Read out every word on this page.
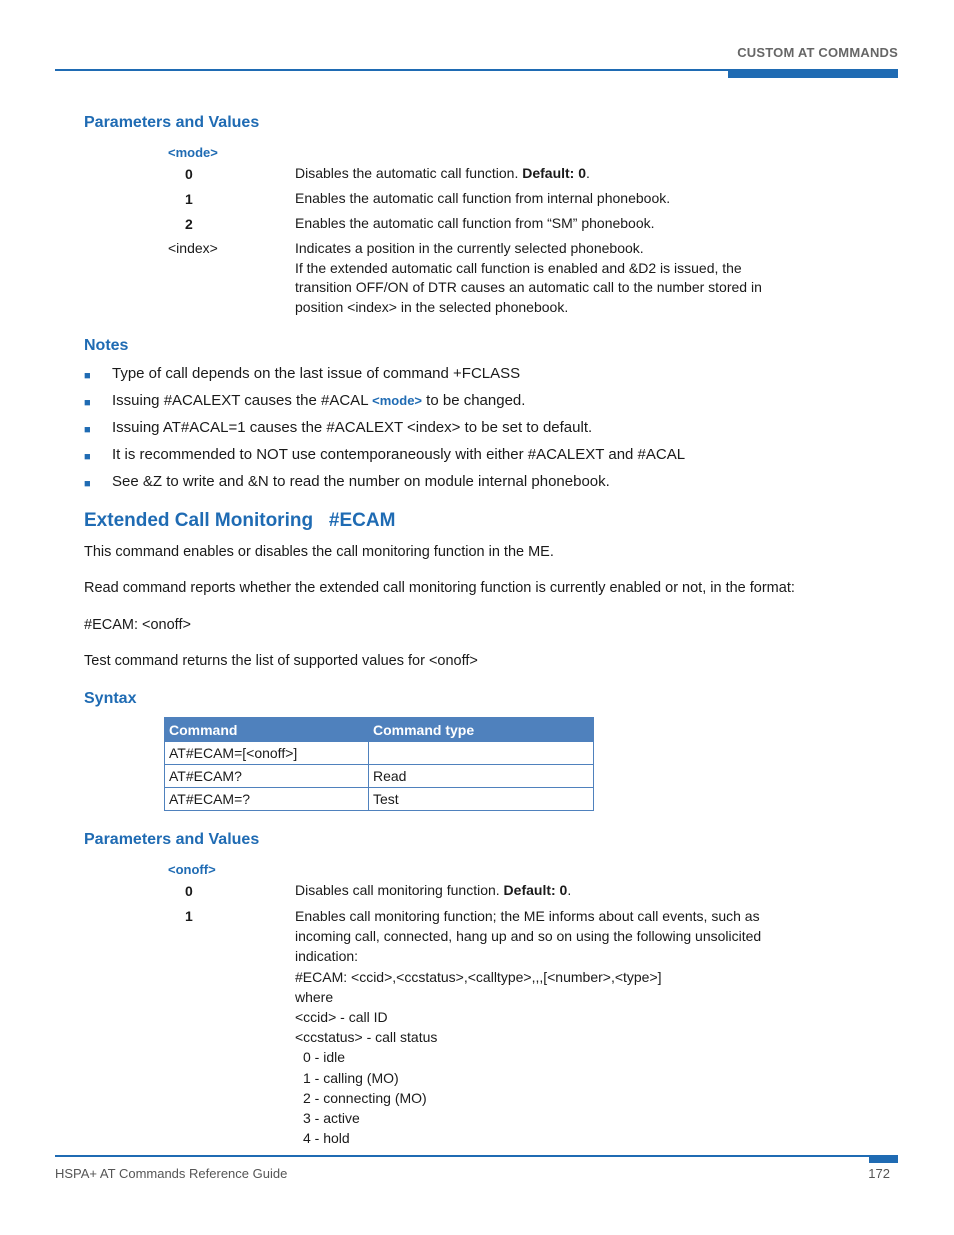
CUSTOM AT COMMANDS
Parameters and Values
<mode>
0	Disables the automatic call function. Default: 0.
1	Enables the automatic call function from internal phonebook.
2	Enables the automatic call function from “SM” phonebook.
<index>	Indicates a position in the currently selected phonebook.
If the extended automatic call function is enabled and &D2 is issued, the
transition OFF/ON of DTR causes an automatic call to the number stored in
position <index> in the selected phonebook.
Notes
■ Type of call depends on the last issue of command +FCLASS
■ Issuing #ACALEXT causes the #ACAL <mode> to be changed.
■ Issuing AT#ACAL=1 causes the #ACALEXT <index> to be set to default.
■ It is recommended to NOT use contemporaneously with either #ACALEXT and #ACAL
■ See &Z to write and &N to read the number on module internal phonebook.
Extended Call Monitoring   #ECAM
This command enables or disables the call monitoring function in the ME.
Read command reports whether the extended call monitoring function is currently enabled or not, in the format:
#ECAM: <onoff>
Test command returns the list of supported values for <onoff>
Syntax
Command	Command type
AT#ECAM=[<onoff>]	
AT#ECAM?	Read
AT#ECAM=?	Test
Parameters and Values
<onoff>
0	Disables call monitoring function. Default: 0.
1	Enables call monitoring function; the ME informs about call events, such as
incoming call, connected, hang up and so on using the following unsolicited
indication:
#ECAM: <ccid>,<ccstatus>,<calltype>,,,[<number>,<type>]
where
<ccid> - call ID
<ccstatus> - call status
0 - idle
1 - calling (MO)
2 - connecting (MO)
3 - active
4 - hold
HSPA+ AT Commands Reference Guide	172
